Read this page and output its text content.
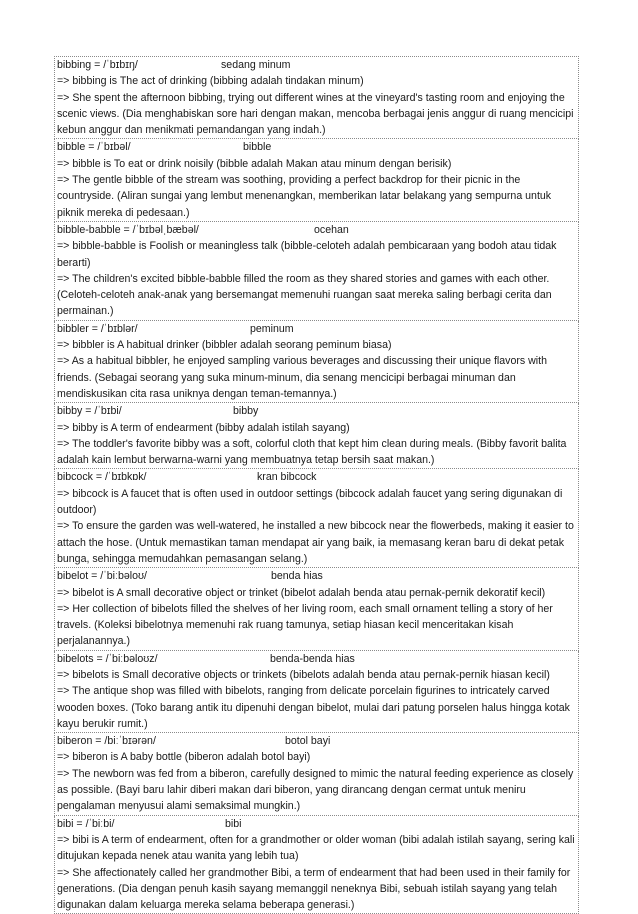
bibbing = /ˈbɪbɪŋ/	sedang minum
=> bibbing is The act of drinking (bibbing adalah tindakan minum)
=> She spent the afternoon bibbing, trying out different wines at the vineyard's tasting room and enjoying the scenic views. (Dia menghabiskan sore hari dengan makan, mencoba berbagai jenis anggur di ruang mencicipi kebun anggur dan menikmati pemandangan yang indah.)
bibble = /ˈbɪbəl/	bibble
=> bibble is To eat or drink noisily (bibble adalah Makan atau minum dengan berisik)
=> The gentle bibble of the stream was soothing, providing a perfect backdrop for their picnic in the countryside. (Aliran sungai yang lembut menenangkan, memberikan latar belakang yang sempurna untuk piknik mereka di pedesaan.)
bibble-babble = /ˈbɪbəlˌbæbəl/	ocehan
=> bibble-babble is Foolish or meaningless talk (bibble-celoteh adalah pembicaraan yang bodoh atau tidak berarti)
=> The children's excited bibble-babble filled the room as they shared stories and games with each other. (Celoteh-celoteh anak-anak yang bersemangat memenuhi ruangan saat mereka saling berbagi cerita dan permainan.)
bibbler = /ˈbɪblər/	peminum
=> bibbler is A habitual drinker (bibbler adalah seorang peminum biasa)
=> As a habitual bibbler, he enjoyed sampling various beverages and discussing their unique flavors with friends. (Sebagai seorang yang suka minum-minum, dia senang mencicipi berbagai minuman dan mendiskusikan cita rasa uniknya dengan teman-temannya.)
bibby = /ˈbɪbi/	bibby
=> bibby is A term of endearment (bibby adalah istilah sayang)
=> The toddler's favorite bibby was a soft, colorful cloth that kept him clean during meals. (Bibby favorit balita adalah kain lembut berwarna-warni yang membuatnya tetap bersih saat makan.)
bibcock = /ˈbɪbkɒk/	kran bibcock
=> bibcock is A faucet that is often used in outdoor settings (bibcock adalah faucet yang sering digunakan di outdoor)
=> To ensure the garden was well-watered, he installed a new bibcock near the flowerbeds, making it easier to attach the hose. (Untuk memastikan taman mendapat air yang baik, ia memasang keran baru di dekat petak bunga, sehingga memudahkan pemasangan selang.)
bibelot = /ˈbiːbəloʊ/	benda hias
=> bibelot is A small decorative object or trinket (bibelot adalah benda atau pernak-pernik dekoratif kecil)
=> Her collection of bibelots filled the shelves of her living room, each small ornament telling a story of her travels. (Koleksi bibelotnya memenuhi rak ruang tamunya, setiap hiasan kecil menceritakan kisah perjalanannya.)
bibelots = /ˈbiːbəloʊz/	benda-benda hias
=> bibelots is Small decorative objects or trinkets (bibelots adalah benda atau pernak-pernik hiasan kecil)
=> The antique shop was filled with bibelots, ranging from delicate porcelain figurines to intricately carved wooden boxes. (Toko barang antik itu dipenuhi dengan bibelot, mulai dari patung porselen halus hingga kotak kayu berukir rumit.)
biberon = /biːˈbɪərən/	botol bayi
=> biberon is A baby bottle (biberon adalah botol bayi)
=> The newborn was fed from a biberon, carefully designed to mimic the natural feeding experience as closely as possible. (Bayi baru lahir diberi makan dari biberon, yang dirancang dengan cermat untuk meniru pengalaman menyusui alami semaksimal mungkin.)
bibi = /ˈbiːbi/	bibi
=> bibi is A term of endearment, often for a grandmother or older woman (bibi adalah istilah sayang, sering kali ditujukan kepada nenek atau wanita yang lebih tua)
=> She affectionately called her grandmother Bibi, a term of endearment that had been used in their family for generations. (Dia dengan penuh kasih sayang memanggil neneknya Bibi, sebuah istilah sayang yang telah digunakan dalam keluarga mereka selama beberapa generasi.)
